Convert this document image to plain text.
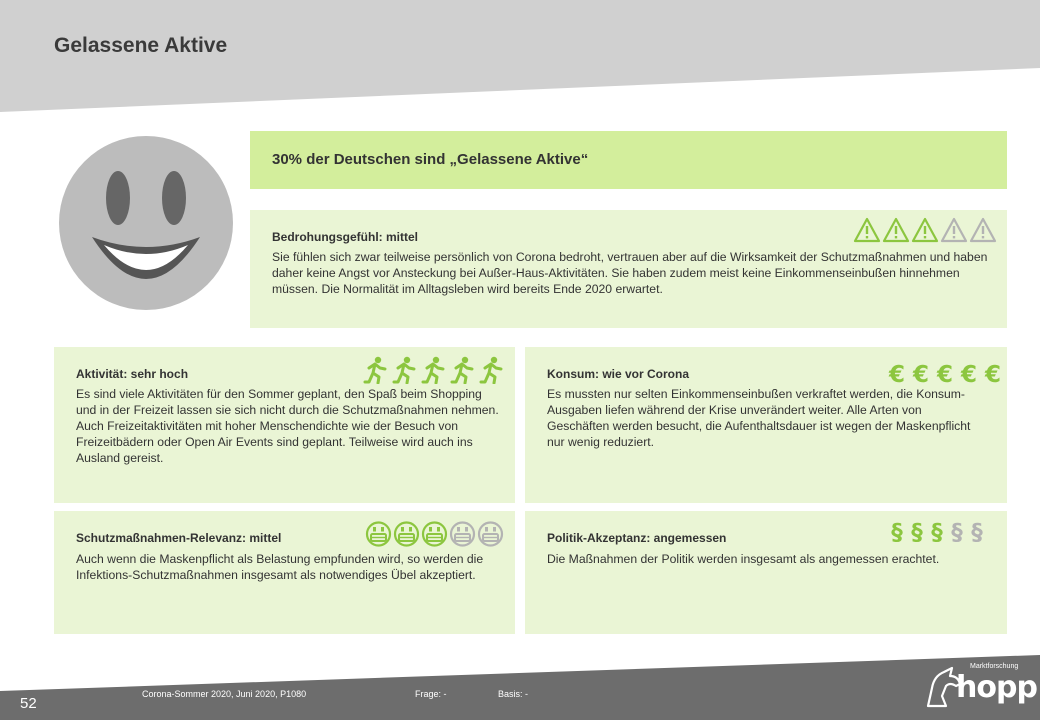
Gelassene Aktive
30% der Deutschen sind „Gelassene Aktive“
Bedrohungsgefühl: mittel
Sie fühlen sich zwar teilweise persönlich von Corona bedroht, vertrauen aber auf die Wirksamkeit der Schutzmaßnahmen und haben daher keine Angst vor Ansteckung bei Außer-Haus-Aktivitäten. Sie haben zudem meist keine Einkommenseinbußen hinnehmen müssen. Die Normalität im Alltagsleben wird bereits Ende 2020 erwartet.
Aktivität: sehr hoch
Es sind viele Aktivitäten für den Sommer geplant, den Spaß beim Shopping und in der Freizeit lassen sie sich nicht durch die Schutzmaßnahmen nehmen. Auch Freizeitaktivitäten mit hoher Menschendichte wie der Besuch von Freizeitbädern oder Open Air Events sind geplant. Teilweise wird auch ins Ausland gereist.
Konsum: wie vor Corona	€ € € € €
Es mussten nur selten Einkommenseinbußen verkraftet werden, die Konsum-Ausgaben liefen während der Krise unverändert weiter. Alle Arten von Geschäften werden besucht, die Aufenthaltsdauer ist wegen der Maskenpflicht nur wenig reduziert.
Schutzmaßnahmen-Relevanz: mittel
Auch wenn die Maskenpflicht als Belastung empfunden wird, so werden die Infektions-Schutzmaßnahmen insgesamt als notwendiges Übel akzeptiert.
Politik-Akzeptanz: angemessen	§ § § § §
Die Maßnahmen der Politik werden insgesamt als angemessen erachtet.
52
Corona-Sommer 2020, Juni 2020, P1080	Frage: -	Basis: -
Marktforschung
hopp
